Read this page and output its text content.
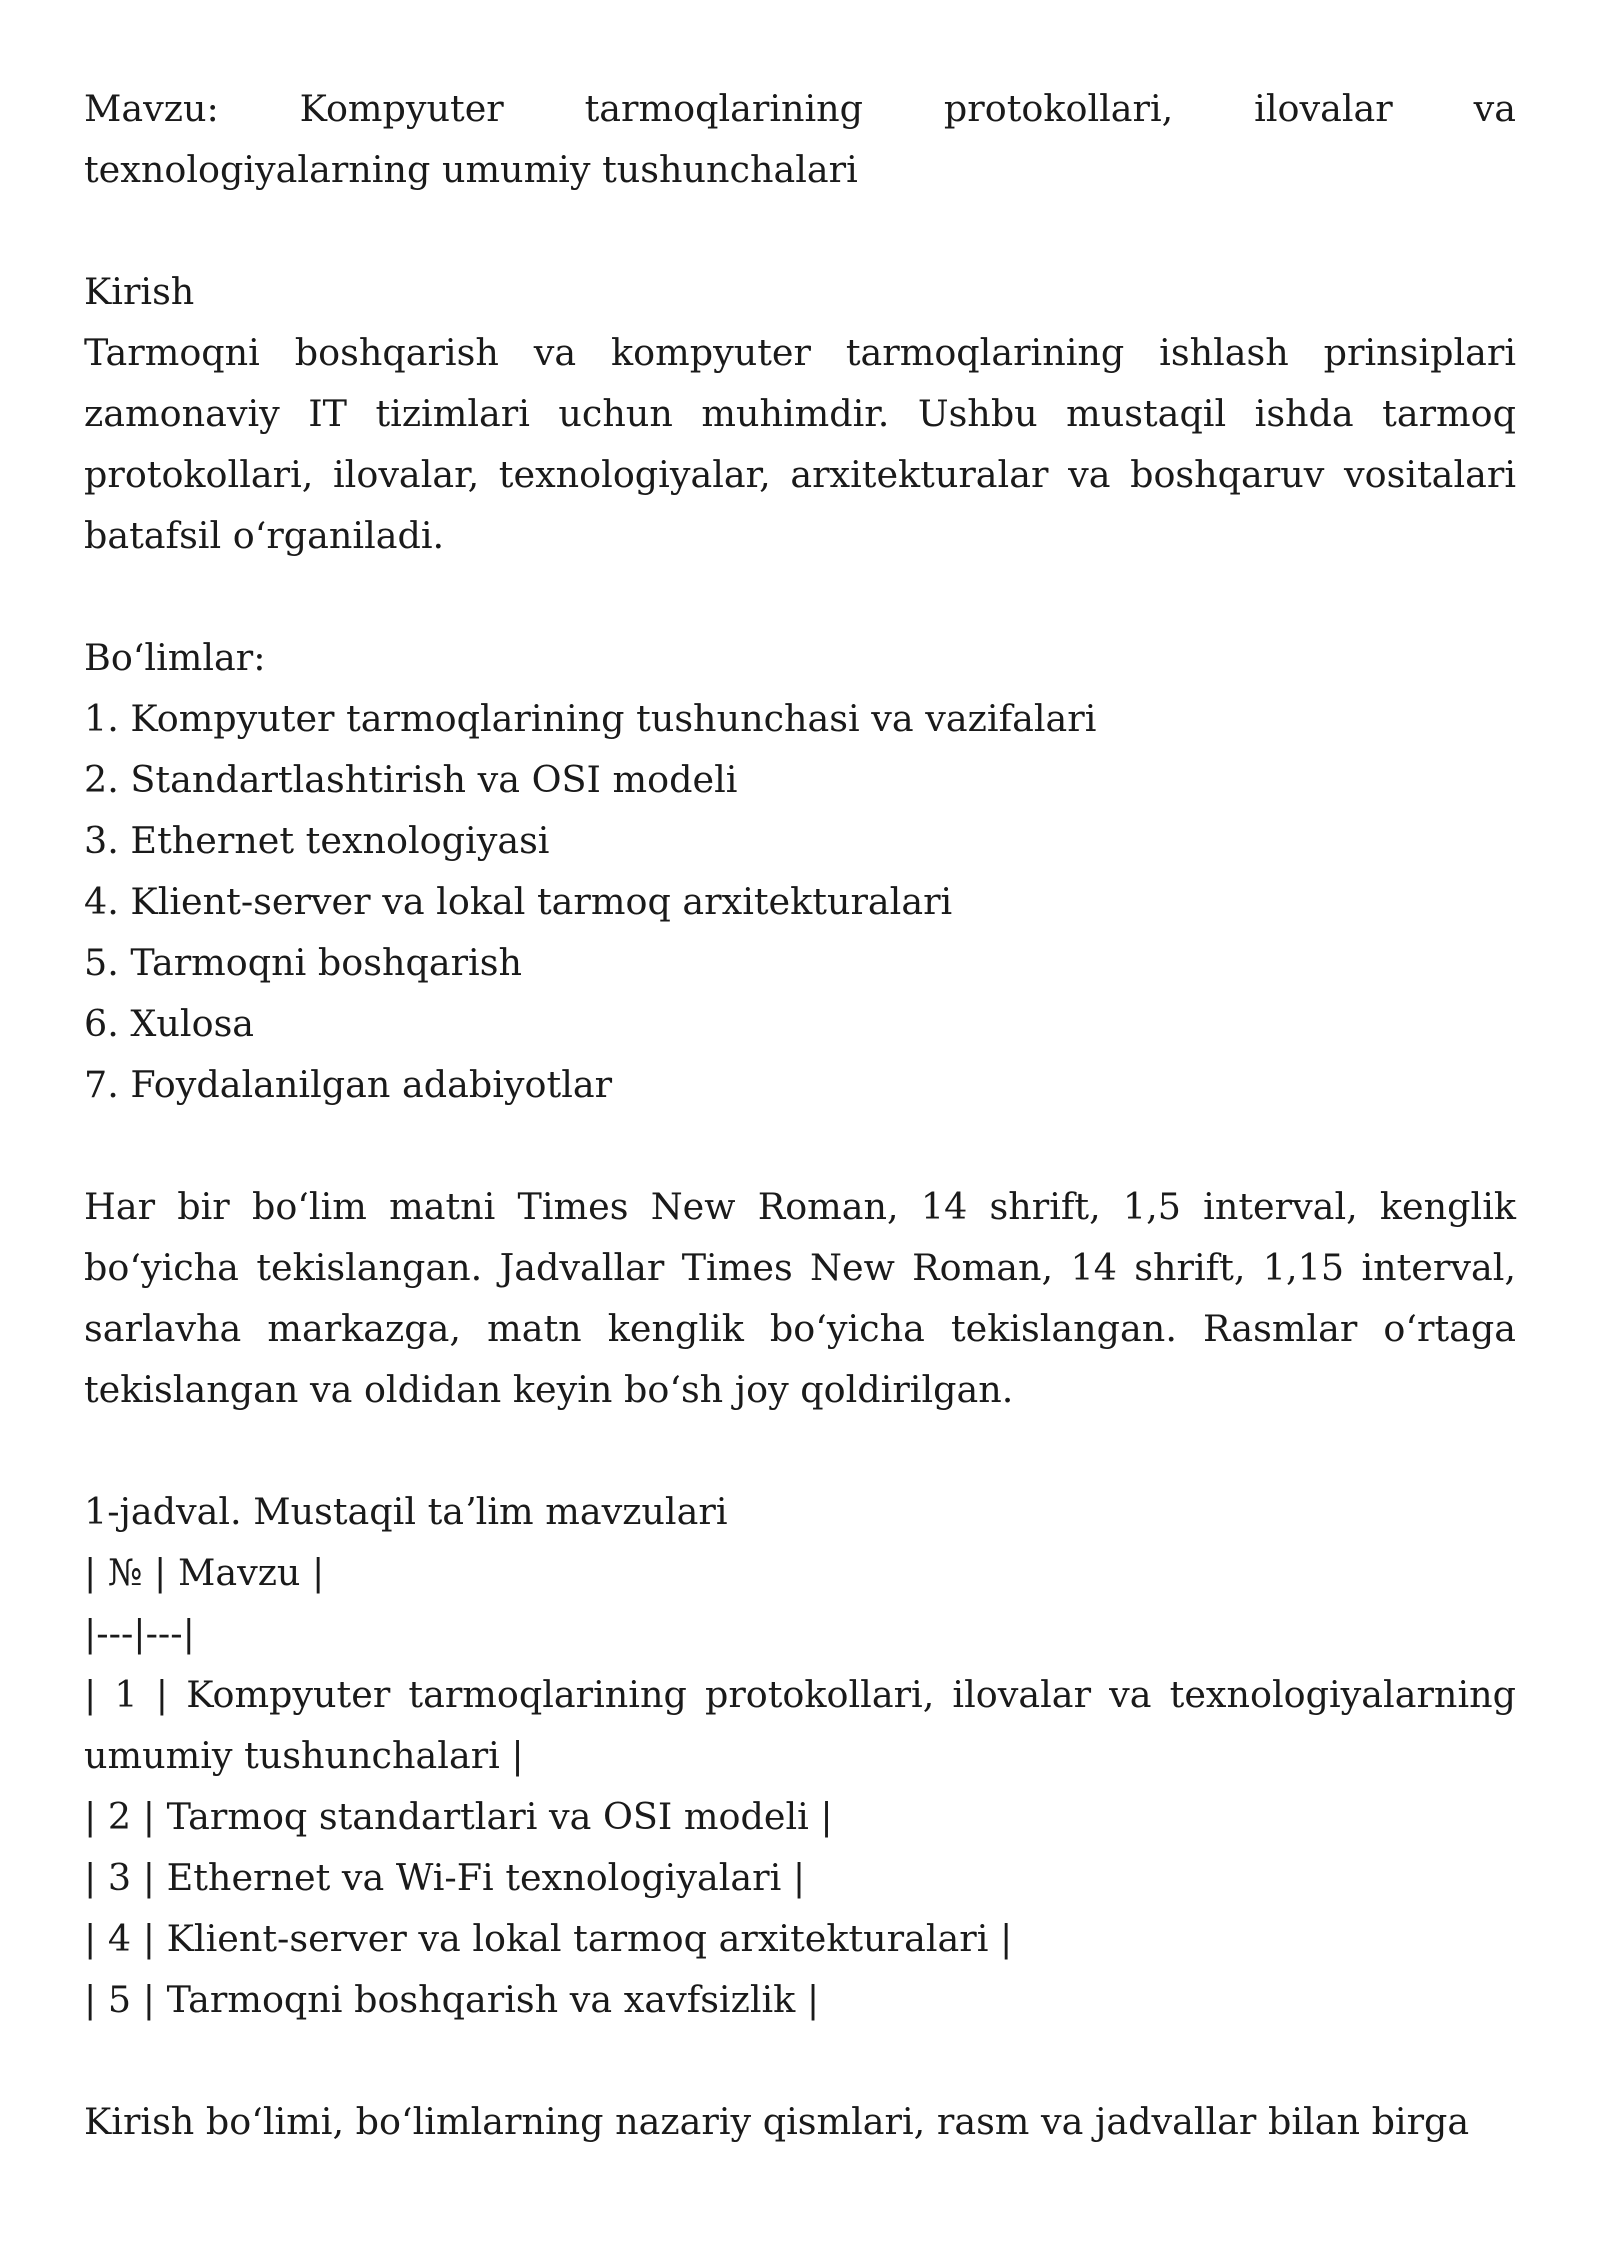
Mavzu: Kompyuter tarmoqlarining protokollari, ilovalar va texnologiyalarning umumiy tushunchalari

Kirish

Tarmoqni boshqarish va kompyuter tarmoqlarining ishlash prinsiplari zamonaviy IT tizimlari uchun muhimdir. Ushbu mustaqil ishda tarmoq protokollari, ilovalar, texnologiyalar, arxitekturalar va boshqaruv vositalari batafsil oʻrganiladi.

Boʻlimlar:
1. Kompyuter tarmoqlarining tushunchasi va vazifalari
2. Standartlashtirish va OSI modeli
3. Ethernet texnologiyasi
4. Klient-server va lokal tarmoq arxitekturalari
5. Tarmoqni boshqarish
6. Xulosa
7. Foydalanilgan adabiyotlar

Har bir boʻlim matni Times New Roman, 14 shrift, 1,5 interval, kenglik boʻyicha tekislangan. Jadvallar Times New Roman, 14 shrift, 1,15 interval, sarlavha markazga, matn kenglik boʻyicha tekislangan. Rasmlar oʻrtaga tekislangan va oldidan keyin boʻsh joy qoldirilgan.

1-jadval. Mustaqil taʼlim mavzulari
| № | Mavzu |
|---|---|

| 1 | Kompyuter tarmoqlarining protokollari, ilovalar va texnologiyalarning umumiy tushunchalari |

| 2 | Tarmoq standartlari va OSI modeli |
| 3 | Ethernet va Wi-Fi texnologiyalari |
| 4 | Klient-server va lokal tarmoq arxitekturalari |
| 5 | Tarmoqni boshqarish va xavfsizlik |
Kirish boʻlimi, boʻlimlarning nazariy qismlari, rasm va jadvallar bilan birga
